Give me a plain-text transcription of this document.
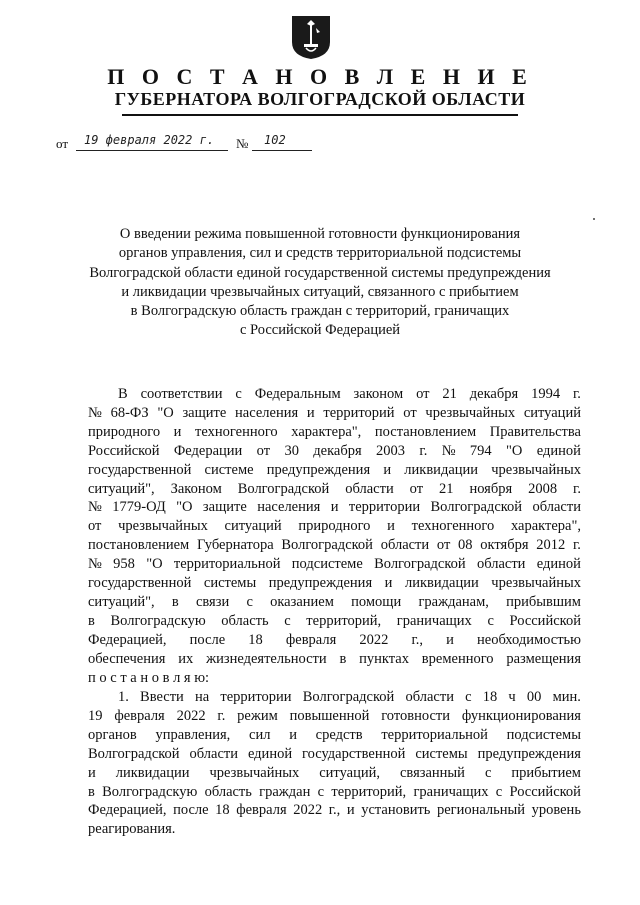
П О С Т А Н О В Л Е Н И Е
ГУБЕРНАТОРА ВОЛГОГРАДСКОЙ ОБЛАСТИ
от 19 февраля 2022 г. № 102
О введении режима повышенной готовности функционирования
органов управления, сил и средств территориальной подсистемы
Волгоградской области единой государственной системы предупреждения
и ликвидации чрезвычайных ситуаций, связанного с прибытием
в Волгоградскую область граждан с территорий, граничащих
с Российской Федерацией
В соответствии с Федеральным законом от 21 декабря 1994 г.
№ 68-ФЗ "О защите населения и территорий от чрезвычайных ситуаций
природного и техногенного характера", постановлением Правительства
Российской Федерации от 30 декабря 2003 г. № 794 "О единой
государственной системе предупреждения и ликвидации чрезвычайных
ситуаций", Законом Волгоградской области от 21 ноября 2008 г.
№ 1779-ОД "О защите населения и территории Волгоградской области
от чрезвычайных ситуаций природного и техногенного характера",
постановлением Губернатора Волгоградской области от 08 октября 2012 г.
№ 958 "О территориальной подсистеме Волгоградской области единой
государственной системы предупреждения и ликвидации чрезвычайных
ситуаций", в связи с оказанием помощи гражданам, прибывшим
в Волгоградскую область с территорий, граничащих с Российской
Федерацией, после 18 февраля 2022 г., и необходимостью
обеспечения их жизнедеятельности в пунктах временного размещения
п о с т а н о в л я ю:
1. Ввести на территории Волгоградской области с 18 ч 00 мин.
19 февраля 2022 г. режим повышенной готовности функционирования
органов управления, сил и средств территориальной подсистемы
Волгоградской области единой государственной системы предупреждения
и ликвидации чрезвычайных ситуаций, связанный с прибытием
в Волгоградскую область граждан с территорий, граничащих с Российской
Федерацией, после 18 февраля 2022 г., и установить региональный уровень
реагирования.
